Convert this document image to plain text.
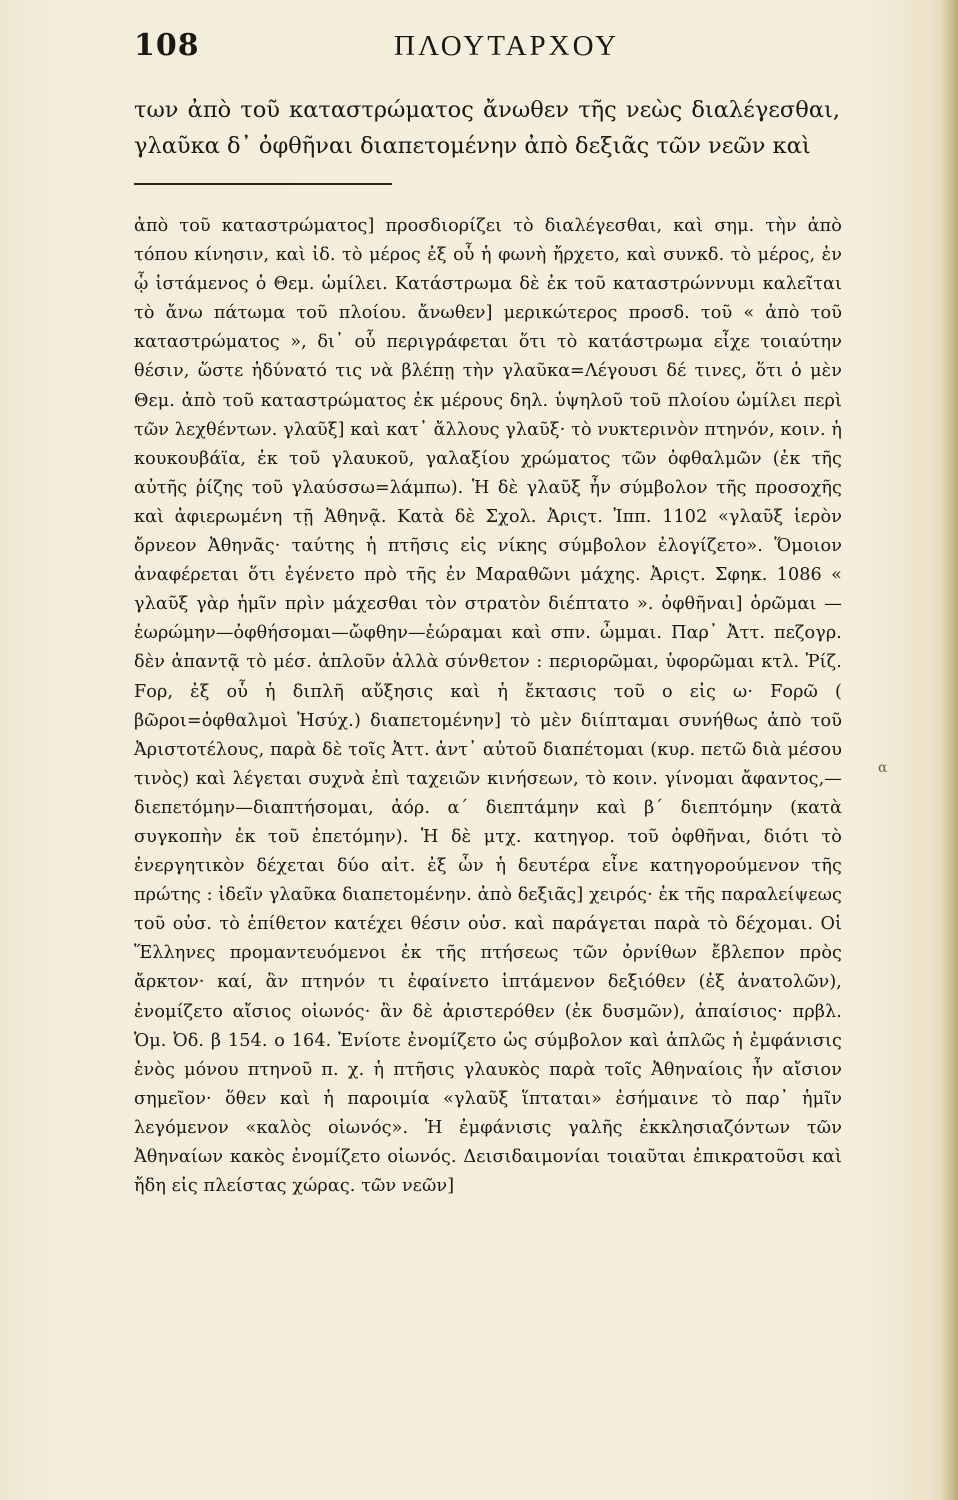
108	ΠΛΟΥΤΑΡΧΟΥ
των ἀπὸ τοῦ καταστρώματος ἄνωθεν τῆς νεὼς διαλέγεσθαι, γλαῦκα δ᾽ ὀφθῆναι διαπετομένην ἀπὸ δεξιᾶς τῶν νεῶν καὶ
ἀπὸ τοῦ καταστρώματος] προσδιορίζει τὸ διαλέγεσθαι, καὶ σημ. τὴν ἀπὸ τόπου κίνησιν, καὶ ἰδ. τὸ μέρος ἐξ οὗ ἡ φωνὴ ἤρχετο, καὶ συνκδ. τὸ μέρος, ἐν ᾧ ἱστάμενος ὁ Θεμ. ὡμίλει. Κατάστρωμα δὲ ἐκ τοῦ καταστρώννυμι καλεῖται τὸ ἄνω πάτωμα τοῦ πλοίου. ἄνωθεν] μερικώτερος προσδ. τοῦ « ἀπὸ τοῦ καταστρώματος », δι᾽ οὗ περιγράφεται ὅτι τὸ κατάστρωμα εἶχε τοιαύτην θέσιν, ὥστε ἠδύνατό τις νὰ βλέπῃ τὴν γλαῦκα=Λέγουσι δέ τινες, ὅτι ὁ μὲν Θεμ. ἀπὸ τοῦ καταστρώματος ἐκ μέρους δηλ. ὑψηλοῦ τοῦ πλοίου ὡμίλει περὶ τῶν λεχθέντων. γλαῦξ] καὶ κατ᾽ ἄλλους γλαῦξ· τὸ νυκτερινὸν πτηνόν, κοιν. ἡ κουκουβάϊα, ἐκ τοῦ γλαυκοῦ, γαλαξίου χρώματος τῶν ὀφθαλμῶν (ἐκ τῆς αὐτῆς ῥίζης τοῦ γλαύσσω=λάμπω). Ἡ δὲ γλαῦξ ἦν σύμβολον τῆς προσοχῆς καὶ ἀφιερωμένη τῇ Ἀθηνᾷ. Κατὰ δὲ Σχολ. Ἀριςτ. Ἱππ. 1102 «γλαῦξ ἱερὸν ὄρνεον Ἀθηνᾶς· ταύτης ἡ πτῆσις εἰς νίκης σύμβολον ἐλογίζετο». Ὅμοιον ἀναφέρεται ὅτι ἐγένετο πρὸ τῆς ἐν Μαραθῶνι μάχης. Ἀριςτ. Σφηκ. 1086 « γλαῦξ γὰρ ἡμῖν πρὶν μάχεσθαι τὸν στρατὸν διέπτατο ». ὀφθῆναι] ὁρῶμαι —ἑωρώμην—ὀφθήσομαι—ὤφθην—ἑώραμαι καὶ σπν. ὦμμαι. Παρ᾽ Ἀττ. πεζογρ. δὲν ἀπαντᾷ τὸ μέσ. ἁπλοῦν ἀλλὰ σύνθετον : περιορῶμαι, ὑφορῶμαι κτλ. Ῥίζ. Fορ, ἐξ οὗ ἡ διπλῆ αὔξησις καὶ ἡ ἔκτασις τοῦ ο εἰς ω· Fορῶ ( βῶροι=ὀφθαλμοὶ Ἡσύχ.) διαπετομένην] τὸ μὲν διίπταμαι συνήθως ἀπὸ τοῦ Ἀριστοτέλους, παρὰ δὲ τοῖς Ἀττ. ἀντ᾽ αὐτοῦ διαπέτομαι (κυρ. πετῶ διὰ μέσου τινὸς) καὶ λέγεται συχνὰ ἐπὶ ταχειῶν κινήσεων, τὸ κοιν. γίνομαι ἄφαντος,—διεπετόμην—διαπτήσομαι, ἀόρ. α΄ διεπτάμην καὶ β΄ διεπτόμην (κατὰ συγκοπὴν ἐκ τοῦ ἐπετόμην). Ἡ δὲ μτχ. κατηγορ. τοῦ ὀφθῆναι, διότι τὸ ἐνεργητικὸν δέχεται δύο αἰτ. ἐξ ὧν ἡ δευτέρα εἶνε κατηγορούμενον τῆς πρώτης : ἰδεῖν γλαῦκα διαπετομένην. ἀπὸ δεξιᾶς] χειρός· ἐκ τῆς παραλείψεως τοῦ οὐσ. τὸ ἐπίθετον κατέχει θέσιν οὐσ. καὶ παράγεται παρὰ τὸ δέχομαι. Οἱ Ἕλληνες προμαντευόμενοι ἐκ τῆς πτήσεως τῶν ὀρνίθων ἔβλεπον πρὸς ἄρκτον· καί, ἂν πτηνόν τι ἐφαίνετο ἱπτάμενον δεξιόθεν (ἐξ ἀνατολῶν), ἐνομίζετο αἴσιος οἰωνός· ἂν δὲ ἀριστερόθεν (ἐκ δυσμῶν), ἀπαίσιος· πρβλ. Ὁμ. Ὀδ. β 154. ο 164. Ἐνίοτε ἐνομίζετο ὡς σύμβολον καὶ ἁπλῶς ἡ ἐμφάνισις ἑνὸς μόνου πτηνοῦ π. χ. ἡ πτῆσις γλαυκὸς παρὰ τοῖς Ἀθηναίοις ἦν αἴσιον σημεῖον· ὅθεν καὶ ἡ παροιμία «γλαῦξ ἵπταται» ἐσήμαινε τὸ παρ᾽ ἡμῖν λεγόμενον «καλὸς οἰωνός». Ἡ ἐμφάνισις γαλῆς ἐκκλησιαζόντων τῶν Ἀθηναίων κακὸς ἐνομίζετο οἰωνός. Δεισιδαιμονίαι τοιαῦται ἐπικρατοῦσι καὶ ἤδη εἰς πλείστας χώρας. τῶν νεῶν]
α
